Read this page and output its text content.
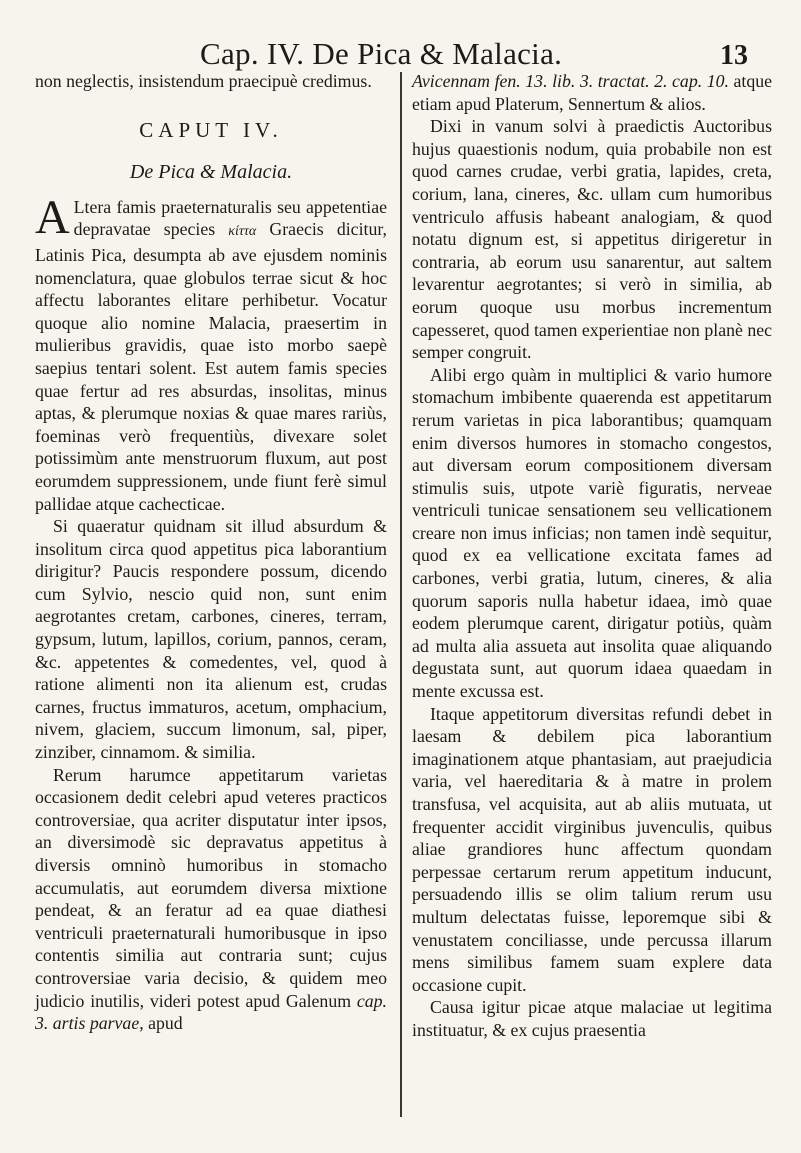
Cap. IV. De Pica & Malacia.	13

non neglectis, insistendum praecipuè credimus.

CAPUT IV.
De Pica & Malacia.

A Ltera famis praeternaturalis seu appetentiae depravatae species κίττα Graecis dicitur, Latinis Pica, desumpta ab ave ejusdem nominis nomenclatura, quae globulos terrae sicut & hoc affectu laborantes elitare perhibetur. Vocatur quoque alio nomine Malacia, praesertim in mulieribus gravidis, quae isto morbo saepè saepius tentari solent. Est autem famis species quae fertur ad res absurdas, insolitas, minus aptas, & plerumque noxias & quae mares rariùs, foeminas verò frequentiùs, divexare solet potissimùm ante menstruorum fluxum, aut post eorumdem suppressionem, unde fiunt ferè simul pallidae atque cachecticae.

Si quaeratur quidnam sit illud absurdum & insolitum circa quod appetitus pica laborantium dirigitur? Paucis respondere possum, dicendo cum Sylvio, nescio quid non, sunt enim aegrotantes cretam, carbones, cineres, terram, gypsum, lutum, lapillos, corium, pannos, ceram, &c. appetentes & comedentes, vel, quod à ratione alimenti non ita alienum est, crudas carnes, fructus immaturos, acetum, omphacium, nivem, glaciem, succum limonum, sal, piper, zinziber, cinnamom. & similia.

Rerum harumce appetitarum varietas occasionem dedit celebri apud veteres practicos controversiae, qua acriter disputatur inter ipsos, an diversimodè sic depravatus appetitus à diversis omninò humoribus in stomacho accumulatis, aut eorumdem diversa mixtione pendeat, & an feratur ad ea quae diathesi ventriculi praeternaturali humoribusque in ipso contentis similia aut contraria sunt; cujus controversiae varia decisio, & quidem meo judicio inutilis, videri potest apud Galenum cap. 3. artis parvae, apud

Avicennam fen. 13. lib. 3. tractat. 2. cap. 10. atque etiam apud Platerum, Sennertum & alios.

Dixi in vanum solvi à praedictis Auctoribus hujus quaestionis nodum, quia probabile non est quod carnes crudae, verbi gratia, lapides, creta, corium, lana, cineres, &c. ullam cum humoribus ventriculo affusis habeant analogiam, & quod notatu dignum est, si appetitus dirigeretur in contraria, ab eorum usu sanarentur, aut saltem levarentur aegrotantes; si verò in similia, ab eorum quoque usu morbus incrementum capesseret, quod tamen experientiae non planè nec semper congruit.

Alibi ergo quàm in multiplici & vario humore stomachum imbibente quaerenda est appetitarum rerum varietas in pica laborantibus; quamquam enim diversos humores in stomacho congestos, aut diversam eorum compositionem diversam stimulis suis, utpote variè figuratis, nerveae ventriculi tunicae sensationem seu vellicationem creare non imus inficias; non tamen indè sequitur, quod ex ea vellicatione excitata fames ad carbones, verbi gratia, lutum, cineres, & alia quorum saporis nulla habetur idaea, imò quae eodem plerumque carent, dirigatur potiùs, quàm ad multa alia assueta aut insolita quae aliquando degustata sunt, aut quorum idaea quaedam in mente excussa est.

Itaque appetitorum diversitas refundi debet in laesam & debilem pica laborantium imaginationem atque phantasiam, aut praejudicia varia, vel haereditaria & à matre in prolem transfusa, vel acquisita, aut ab aliis mutuata, ut frequenter accidit virginibus juvenculis, quibus aliae grandiores hunc affectum quondam perpessae certarum rerum appetitum inducunt, persuadendo illis se olim talium rerum usu multum delectatas fuisse, leporemque sibi & venustatem conciliasse, unde percussa illarum mens similibus famem suam explere data occasione cupit.

Causa igitur picae atque malaciae ut legitima instituatur, & ex cujus praesentia
